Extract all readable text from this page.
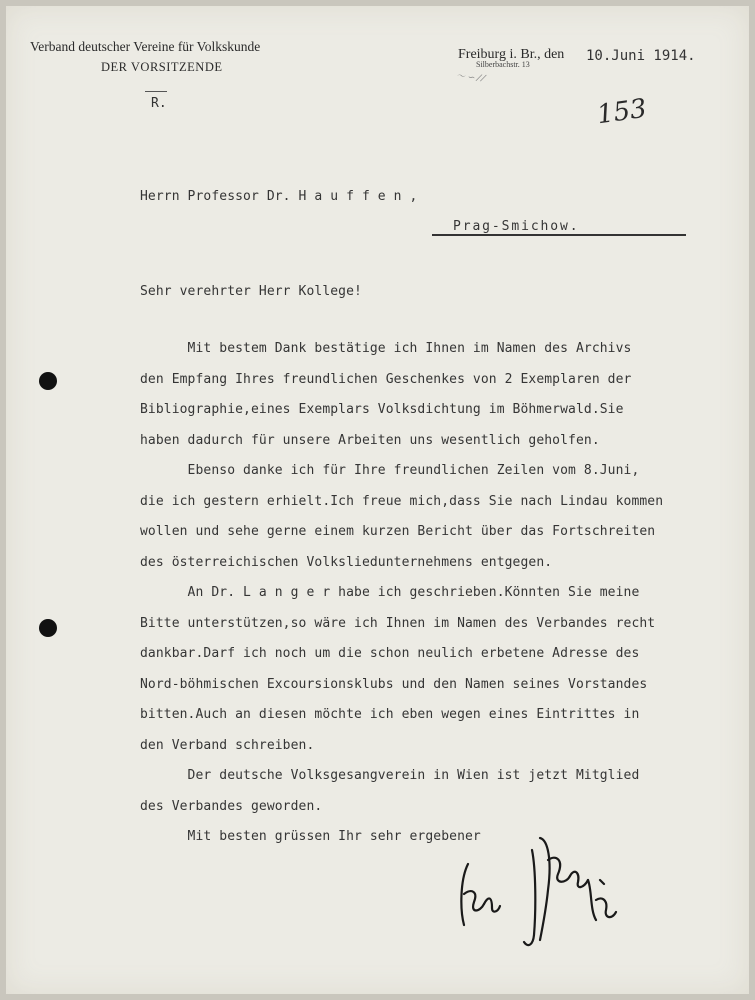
Verband deutscher Vereine für Volkskunde
DER VORSITZENDE
Freiburg i. Br., den
Silberbachstr. 13
10.Juni 1914.
〜 ∽ ⁄ ⁄
R.	153
Herrn Professor Dr. H a u f f e n ,
Prag-Smichow.
Sehr verehrter Herr Kollege!
Mit bestem Dank bestätige ich Ihnen im Namen des Archivs
den Empfang Ihres freundlichen Geschenkes von 2 Exemplaren der
Bibliographie,eines Exemplars Volksdichtung im Böhmerwald.Sie
haben dadurch für unsere Arbeiten uns wesentlich geholfen.
Ebenso danke ich für Ihre freundlichen Zeilen vom 8.Juni,
die ich gestern erhielt.Ich freue mich,dass Sie nach Lindau kommen
wollen und sehe gerne einem kurzen Bericht über das Fortschreiten
des österreichischen Volksliedunternehmens entgegen.
An Dr. L a n g e r habe ich geschrieben.Könnten Sie meine
Bitte unterstützen,so wäre ich Ihnen im Namen des Verbandes recht
dankbar.Darf ich noch um die schon neulich erbetene Adresse des
Nord-böhmischen Excoursionsklubs und den Namen seines Vorstandes
bitten.Auch an diesen möchte ich eben wegen eines Eintrittes in
den Verband schreiben.
Der deutsche Volksgesangverein in Wien ist jetzt Mitglied
des Verbandes geworden.
Mit besten grüssen Ihr sehr ergebener
